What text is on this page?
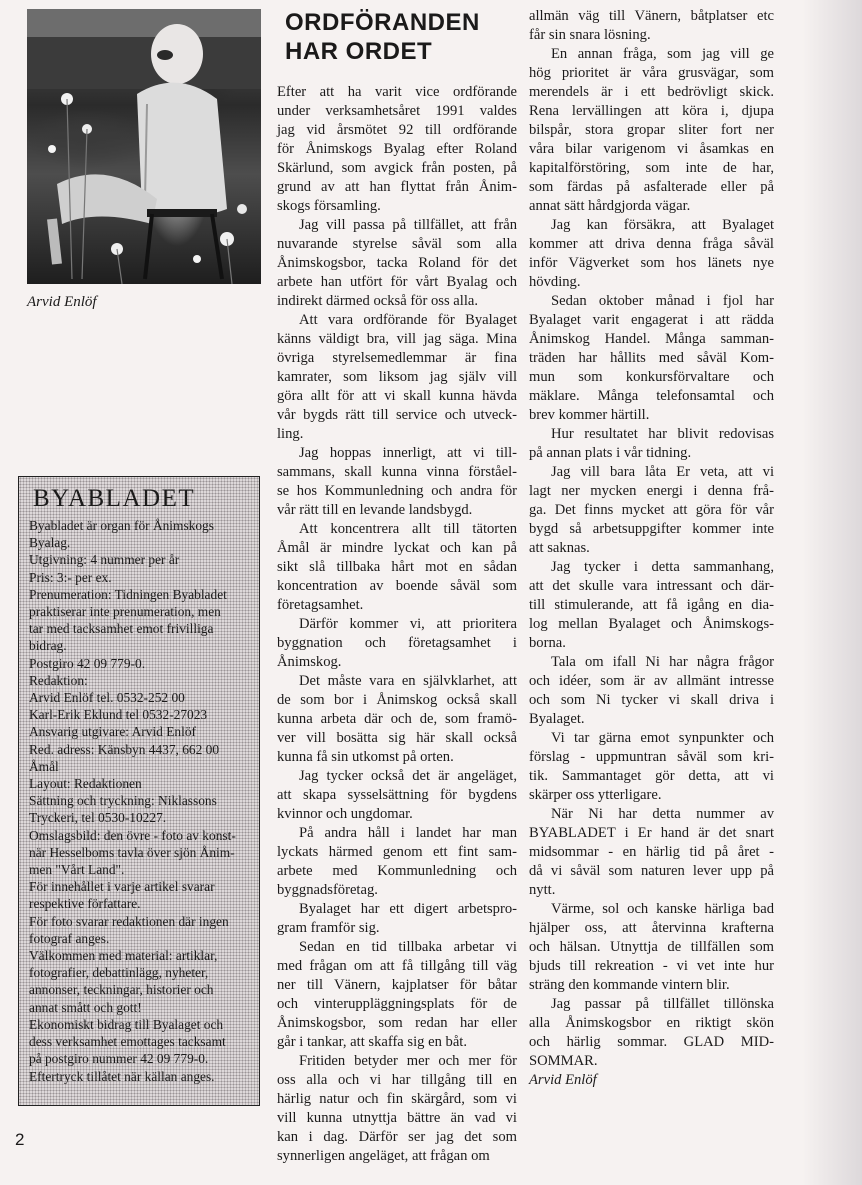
Arvid Enlöf
BYABLADET
Byabladet är organ för Ånimskogs
Byalag.
Utgivning: 4 nummer per år
Pris: 3:- per ex.
Prenumeration: Tidningen Byabladet
praktiserar inte prenumeration, men
tar med tacksamhet emot frivilliga
bidrag.
Postgiro 42 09 779-0.
Redaktion:
Arvid Enlöf tel. 0532-252 00
Karl-Erik Eklund tel 0532-27023
Ansvarig utgivare: Arvid Enlöf
Red. adress: Känsbyn 4437, 662 00
Åmål
Layout: Redaktionen
Sättning och tryckning: Niklassons
Tryckeri, tel 0530-10227.
Omslagsbild: den övre - foto av konst-
när Hesselboms tavla över sjön Ånim-
men "Vårt Land".
För innehållet i varje artikel svarar
respektive författare.
För foto svarar redaktionen där ingen
fotograf anges.
Välkommen med material: artiklar,
fotografier, debattinlägg, nyheter,
annonser, teckningar, historier och
annat smått och gott!
Ekonomiskt bidrag till Byalaget och
dess verksamhet emottages tacksamt
på postgiro nummer 42 09 779-0.
Eftertryck tillåtet när källan anges.
2
ORDFÖRANDEN
HAR ORDET
Efter att ha varit vice ordförande
under verksamhetsåret 1991 valdes
jag vid årsmötet 92 till ordförande
för Ånimskogs Byalag efter Roland
Skärlund, som avgick från posten, på
grund av att han flyttat från Ånim-
skogs församling.
Jag vill passa på tillfället, att från
nuvarande styrelse såväl som alla
Ånimskogsbor, tacka Roland för det
arbete han utfört för vårt Byalag och
indirekt därmed också för oss alla.
Att vara ordförande för Byalaget
känns väldigt bra, vill jag säga. Mina
övriga styrelsemedlemmar är fina
kamrater, som liksom jag själv vill
göra allt för att vi skall kunna hävda
vår bygds rätt till service och utveck-
ling.
Jag hoppas innerligt, att vi till-
sammans, skall kunna vinna förståel-
se hos Kommunledning och andra för
vår rätt till en levande landsbygd.
Att koncentrera allt till tätorten
Åmål är mindre lyckat och kan på
sikt slå tillbaka hårt mot en sådan
koncentration av boende såväl som
företagsamhet.
Därför kommer vi, att prioritera
byggnation och företagsamhet i
Ånimskog.
Det måste vara en självklarhet, att
de som bor i Ånimskog också skall
kunna arbeta där och de, som framö-
ver vill bosätta sig här skall också
kunna få sin utkomst på orten.
Jag tycker också det är angeläget,
att skapa sysselsättning för bygdens
kvinnor och ungdomar.
På andra håll i landet har man
lyckats härmed genom ett fint sam-
arbete med Kommunledning och
byggnadsföretag.
Byalaget har ett digert arbetspro-
gram framför sig.
Sedan en tid tillbaka arbetar vi
med frågan om att få tillgång till väg
ner till Vänern, kajplatser för båtar
och vinteruppläggningsplats för de
Ånimskogsbor, som redan har eller
går i tankar, att skaffa sig en båt.
Fritiden betyder mer och mer för
oss alla och vi har tillgång till en
härlig natur och fin skärgård, som vi
vill kunna utnyttja bättre än vad vi
kan i dag. Därför ser jag det som
synnerligen angeläget, att frågan om
allmän väg till Vänern, båtplatser etc
får sin snara lösning.
En annan fråga, som jag vill ge
hög prioritet är våra grusvägar, som
merendels är i ett bedrövligt skick.
Rena lervällingen att köra i, djupa
bilspår, stora gropar sliter fort ner
våra bilar varigenom vi åsamkas en
kapitalförstöring, som inte de har,
som färdas på asfalterade eller på
annat sätt hårdgjorda vägar.
Jag kan försäkra, att Byalaget
kommer att driva denna fråga såväl
inför Vägverket som hos länets nye
hövding.
Sedan oktober månad i fjol har
Byalaget varit engagerat i att rädda
Ånimskog Handel. Många samman-
träden har hållits med såväl Kom-
mun som konkursförvaltare och
mäklare. Många telefonsamtal och
brev kommer härtill.
Hur resultatet har blivit redovisas
på annan plats i vår tidning.
Jag vill bara låta Er veta, att vi
lagt ner mycken energi i denna frå-
ga. Det finns mycket att göra för vår
bygd så arbetsuppgifter kommer inte
att saknas.
Jag tycker i detta sammanhang,
att det skulle vara intressant och där-
till stimulerande, att få igång en dia-
log mellan Byalaget och Ånimskogs-
borna.
Tala om ifall Ni har några frågor
och idéer, som är av allmänt intresse
och som Ni tycker vi skall driva i
Byalaget.
Vi tar gärna emot synpunkter och
förslag - uppmuntran såväl som kri-
tik. Sammantaget gör detta, att vi
skärper oss ytterligare.
När Ni har detta nummer av
BYABLADET i Er hand är det snart
midsommar - en härlig tid på året -
då vi såväl som naturen lever upp på
nytt.
Värme, sol och kanske härliga bad
hjälper oss, att återvinna krafterna
och hälsan. Utnyttja de tillfällen som
bjuds till rekreation - vi vet inte hur
sträng den kommande vintern blir.
Jag passar på tillfället tillönska
alla Ånimskogsbor en riktigt skön
och härlig sommar. GLAD MID-
SOMMAR.
Arvid Enlöf
